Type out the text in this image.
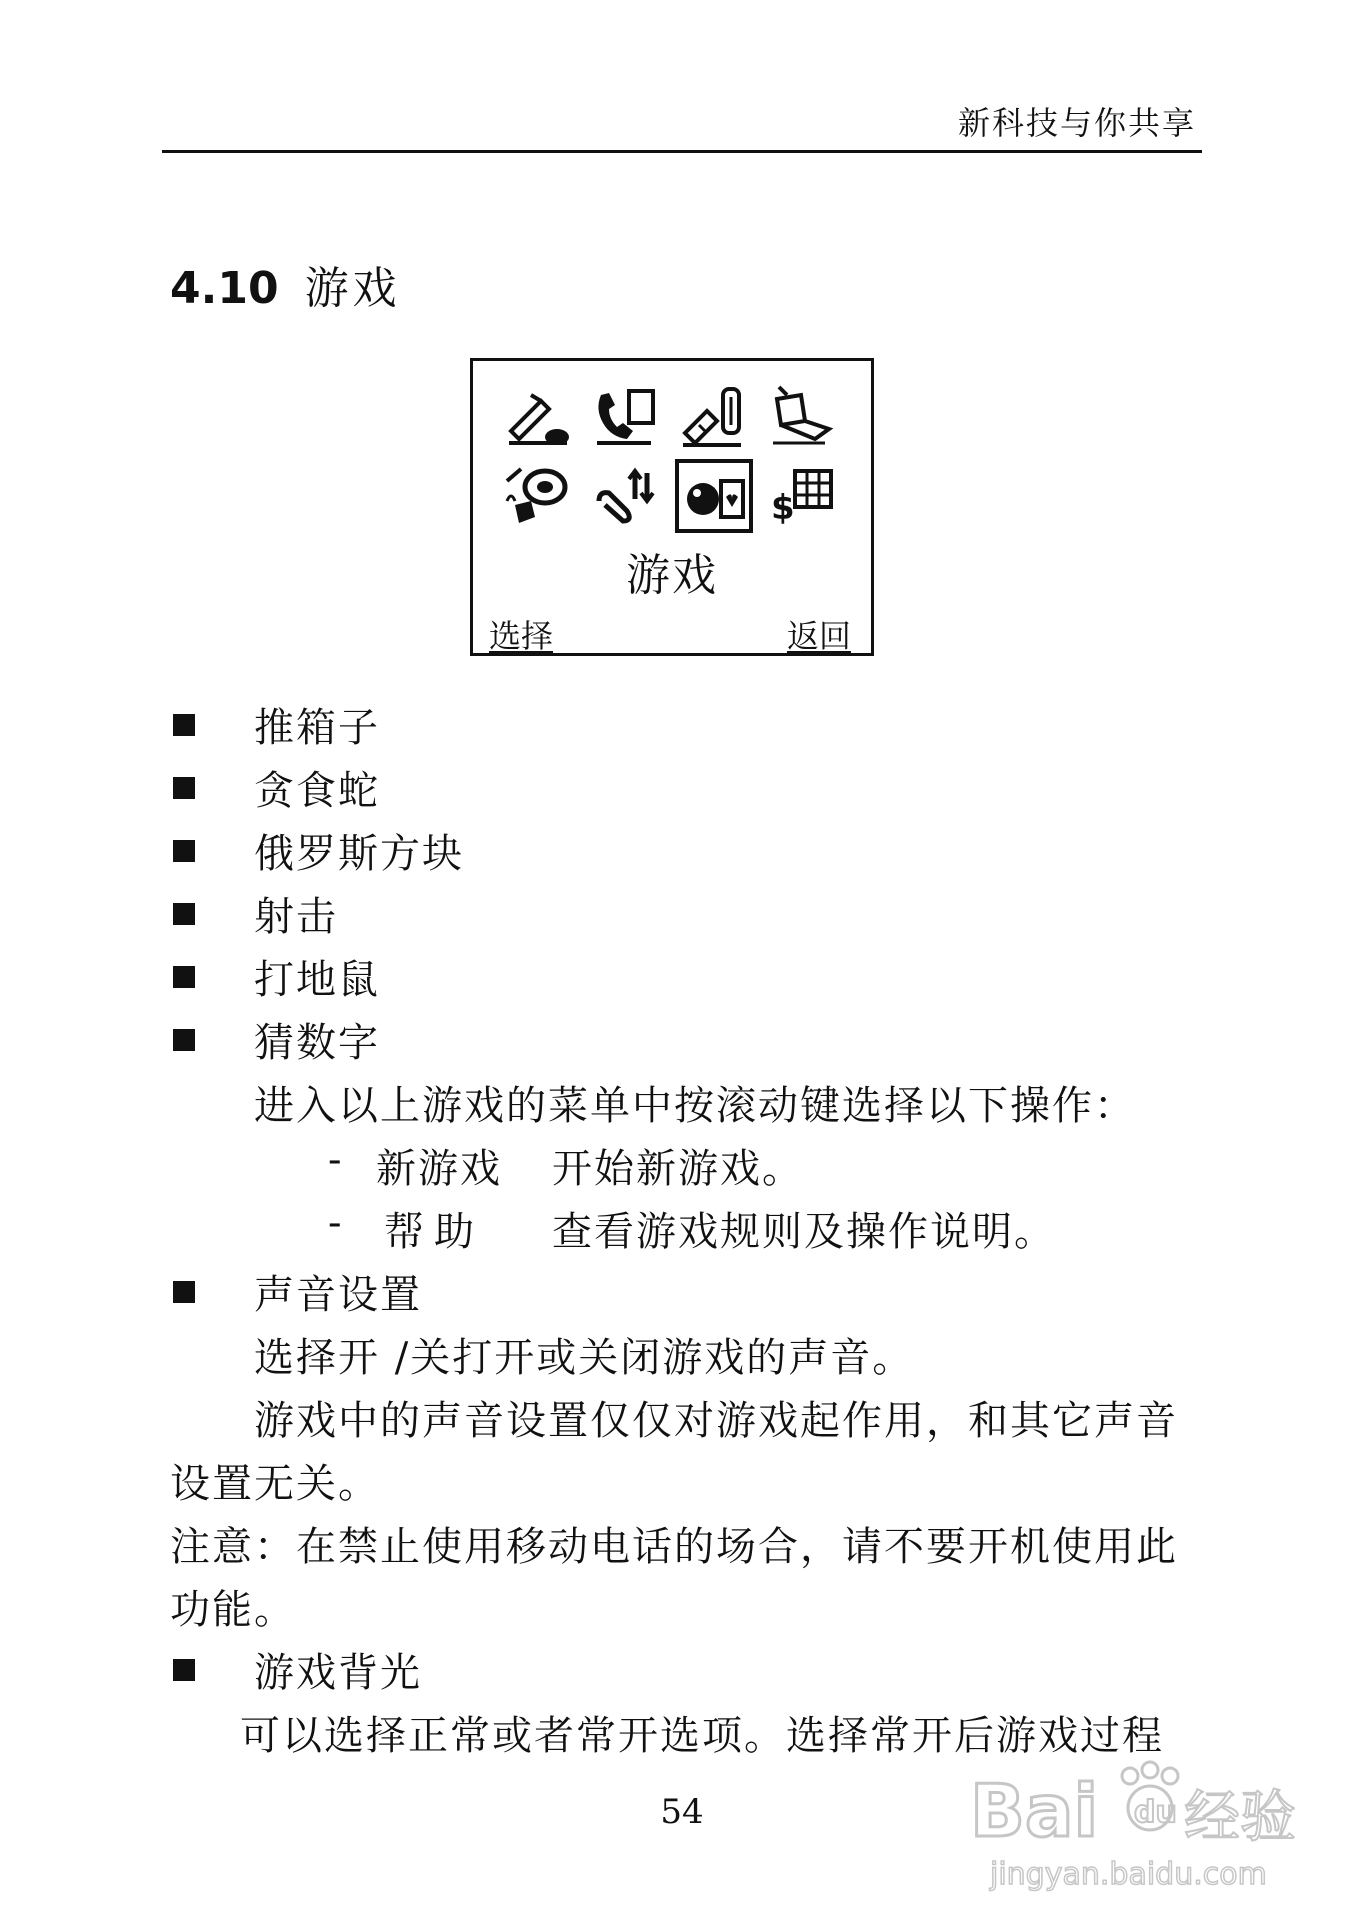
新科技与你共享
4.10 游戏
$
游戏
选择	返回
推箱子
贪食蛇
俄罗斯方块
射击
打地鼠
猜数字
进入以上游戏的菜单中按滚动键选择以下操作：
- 新游戏 开始新游戏。
- 帮助 查看游戏规则及操作说明。
声音设置
选择开 /关打开或关闭游戏的声音。
游戏中的声音设置仅仅对游戏起作用，和其它声音
设置无关。
注意：在禁止使用移动电话的场合，请不要开机使用此
功能。
游戏背光
可以选择正常或者常开选项。选择常开后游戏过程
54	Bai du 经验
jingyan.baidu.com
